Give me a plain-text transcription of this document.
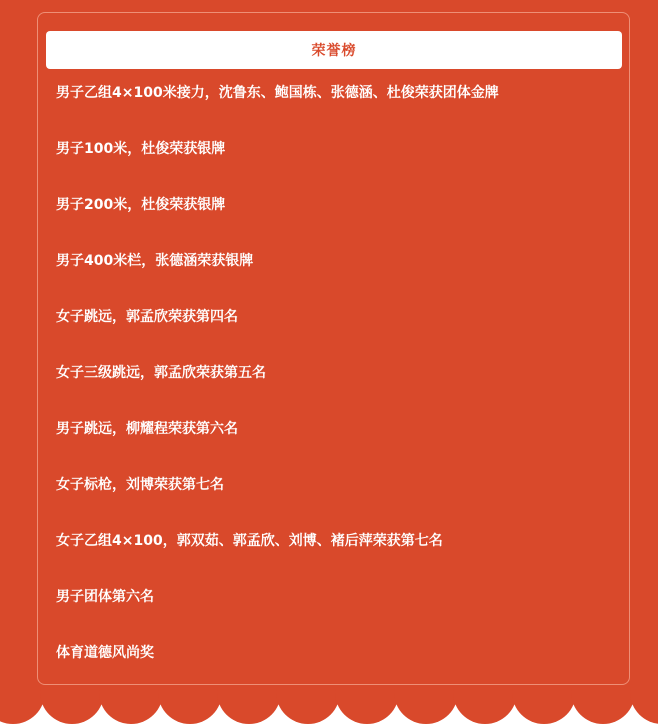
荣誉榜
男子乙组4×100米接力，沈鲁东、鲍国栋、张德涵、杜俊荣获团体金牌
男子100米，杜俊荣获银牌
男子200米，杜俊荣获银牌
男子400米栏，张德涵荣获银牌
女子跳远，郭孟欣荣获第四名
女子三级跳远，郭孟欣荣获第五名
男子跳远，柳耀程荣获第六名
女子标枪，刘博荣获第七名
女子乙组4×100，郭双茹、郭孟欣、刘博、褚后萍荣获第七名
男子团体第六名
体育道德风尚奖
